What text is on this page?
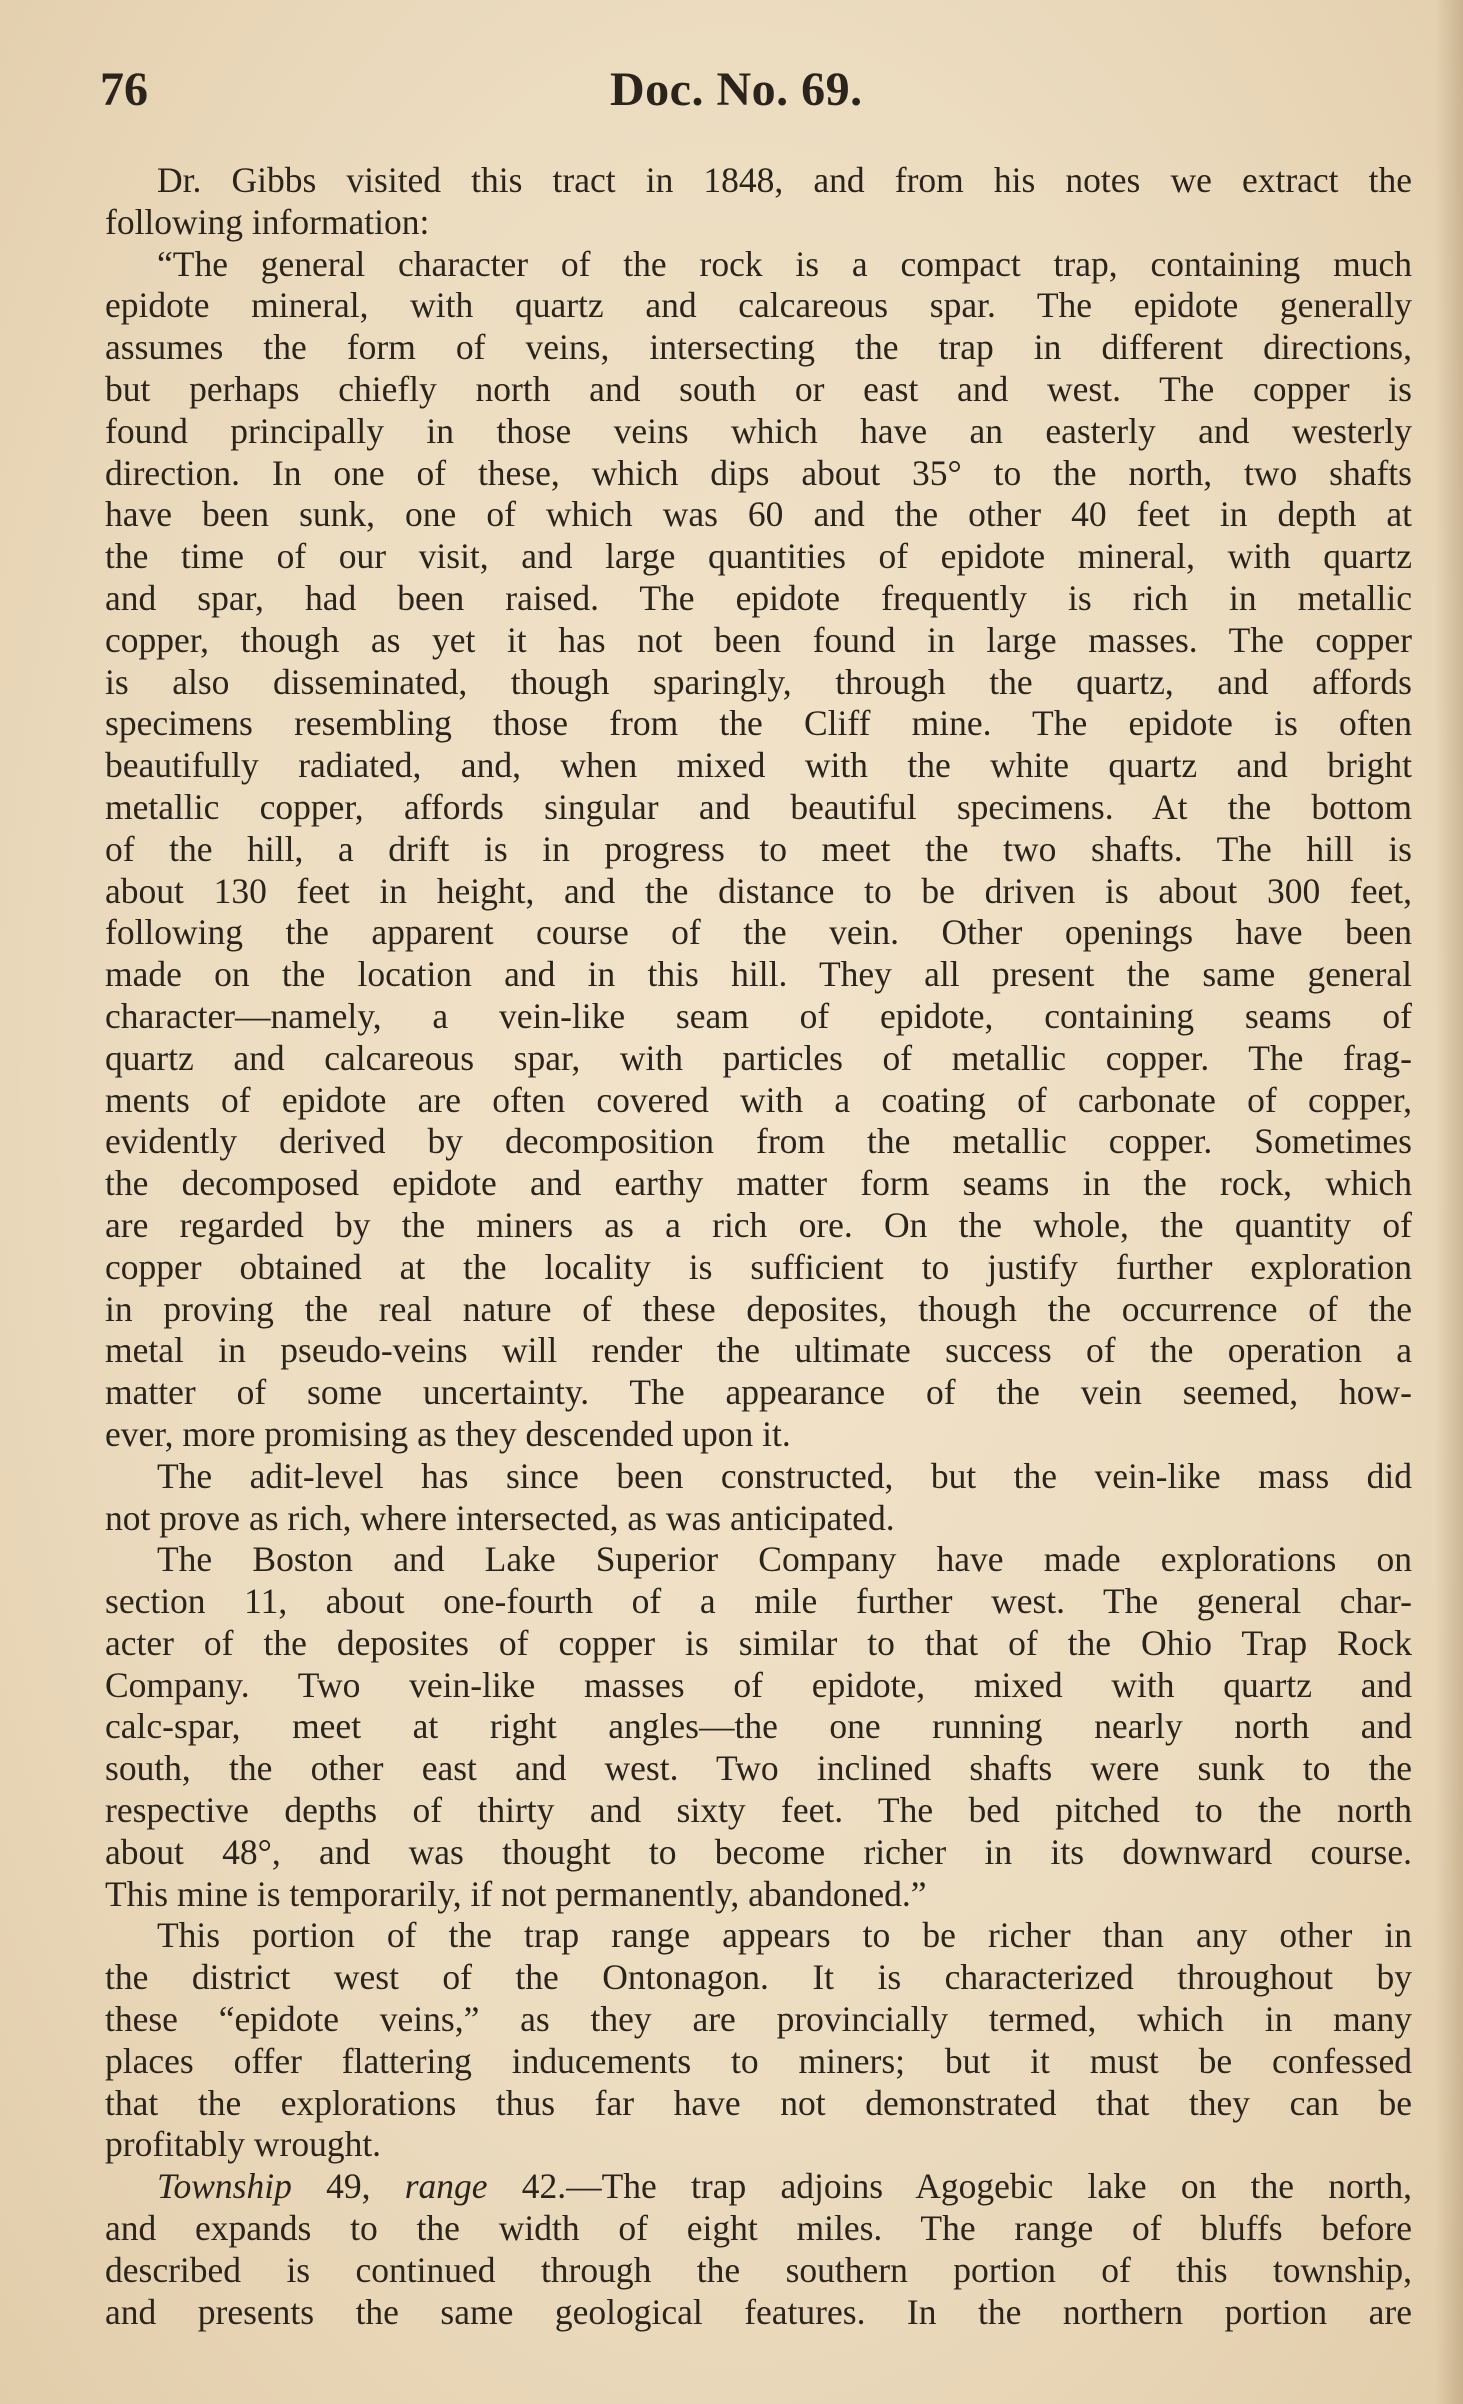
76	Doc. No. 69.
Dr. Gibbs visited this tract in 1848, and from his notes we extract the
following information:
“The general character of the rock is a compact trap, containing much
epidote mineral, with quartz and calcareous spar. The epidote generally
assumes the form of veins, intersecting the trap in different directions,
but perhaps chiefly north and south or east and west. The copper is
found principally in those veins which have an easterly and westerly
direction. In one of these, which dips about 35° to the north, two shafts
have been sunk, one of which was 60 and the other 40 feet in depth at
the time of our visit, and large quantities of epidote mineral, with quartz
and spar, had been raised. The epidote frequently is rich in metallic
copper, though as yet it has not been found in large masses. The copper
is also disseminated, though sparingly, through the quartz, and affords
specimens resembling those from the Cliff mine. The epidote is often
beautifully radiated, and, when mixed with the white quartz and bright
metallic copper, affords singular and beautiful specimens. At the bottom
of the hill, a drift is in progress to meet the two shafts. The hill is
about 130 feet in height, and the distance to be driven is about 300 feet,
following the apparent course of the vein. Other openings have been
made on the location and in this hill. They all present the same general
character—namely, a vein-like seam of epidote, containing seams of
quartz and calcareous spar, with particles of metallic copper. The frag-
ments of epidote are often covered with a coating of carbonate of copper,
evidently derived by decomposition from the metallic copper. Sometimes
the decomposed epidote and earthy matter form seams in the rock, which
are regarded by the miners as a rich ore. On the whole, the quantity of
copper obtained at the locality is sufficient to justify further exploration
in proving the real nature of these deposites, though the occurrence of the
metal in pseudo-veins will render the ultimate success of the operation a
matter of some uncertainty. The appearance of the vein seemed, how-
ever, more promising as they descended upon it.
The adit-level has since been constructed, but the vein-like mass did
not prove as rich, where intersected, as was anticipated.
The Boston and Lake Superior Company have made explorations on
section 11, about one-fourth of a mile further west. The general char-
acter of the deposites of copper is similar to that of the Ohio Trap Rock
Company. Two vein-like masses of epidote, mixed with quartz and
calc-spar, meet at right angles—the one running nearly north and
south, the other east and west. Two inclined shafts were sunk to the
respective depths of thirty and sixty feet. The bed pitched to the north
about 48°, and was thought to become richer in its downward course.
This mine is temporarily, if not permanently, abandoned.”
This portion of the trap range appears to be richer than any other in
the district west of the Ontonagon. It is characterized throughout by
these “epidote veins,” as they are provincially termed, which in many
places offer flattering inducements to miners; but it must be confessed
that the explorations thus far have not demonstrated that they can be
profitably wrought.
Township 49, range 42.—The trap adjoins Agogebic lake on the north,
and expands to the width of eight miles. The range of bluffs before
described is continued through the southern portion of this township,
and presents the same geological features. In the northern portion are
